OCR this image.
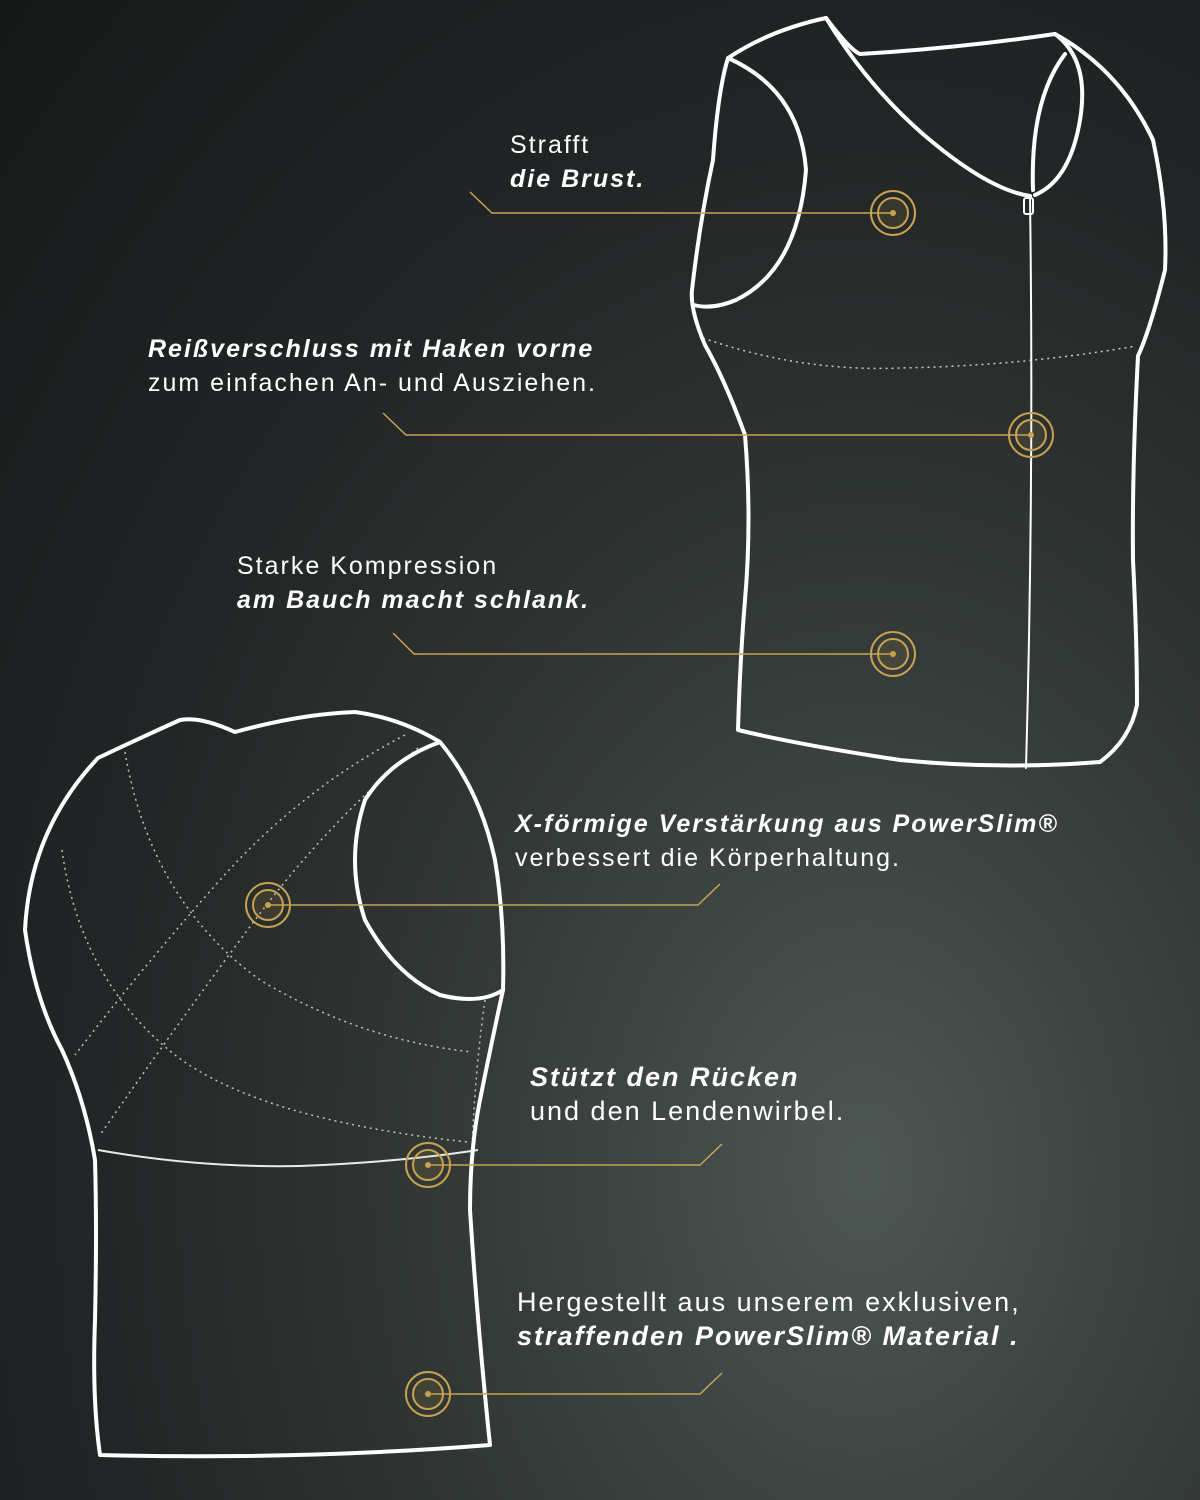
Strafft
die Brust.
Reißverschluss mit Haken vorne
zum einfachen An- und Ausziehen.
Starke Kompression
am Bauch macht schlank.
X-förmige Verstärkung aus PowerSlim®
verbessert die Körperhaltung.
Stützt den Rücken
und den Lendenwirbel.
Hergestellt aus unserem exklusiven,
straffenden PowerSlim® Material .
